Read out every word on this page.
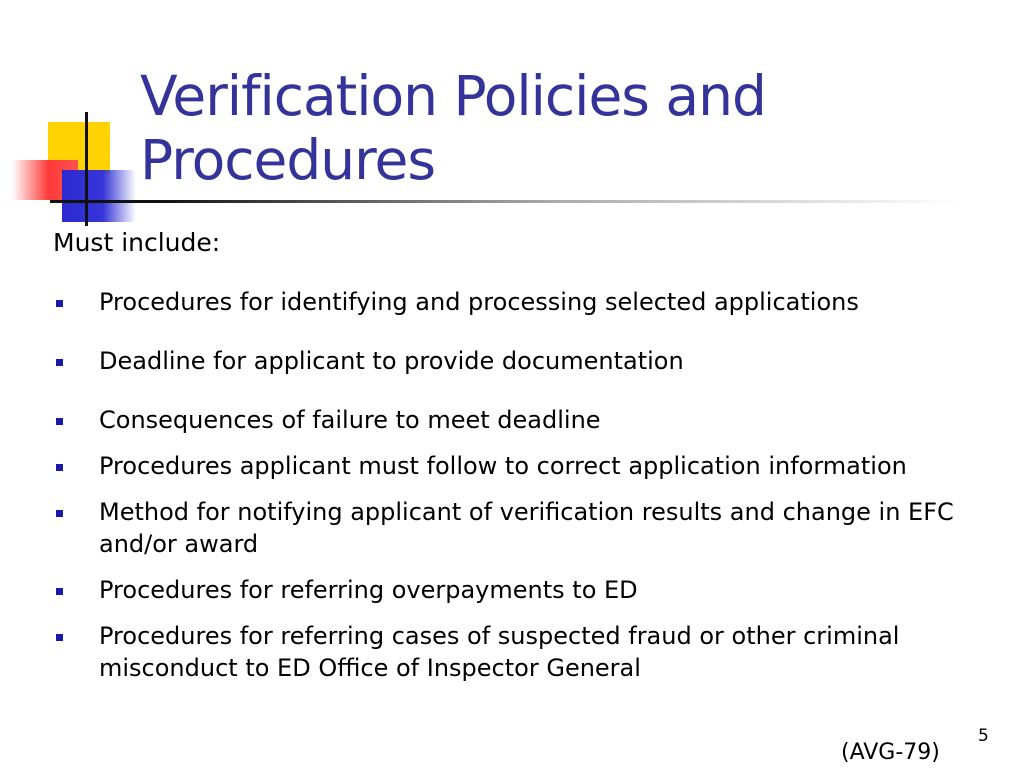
Verification Policies and Procedures
Must include:
Procedures for identifying and processing selected applications
Deadline for applicant to provide documentation
Consequences of failure to meet deadline
Procedures applicant must follow to correct application information
Method for notifying applicant of verification results and change in EFC and/or award
Procedures for referring overpayments to ED
Procedures for referring cases of suspected fraud or other criminal misconduct to ED Office of Inspector General
5
(AVG-79)
